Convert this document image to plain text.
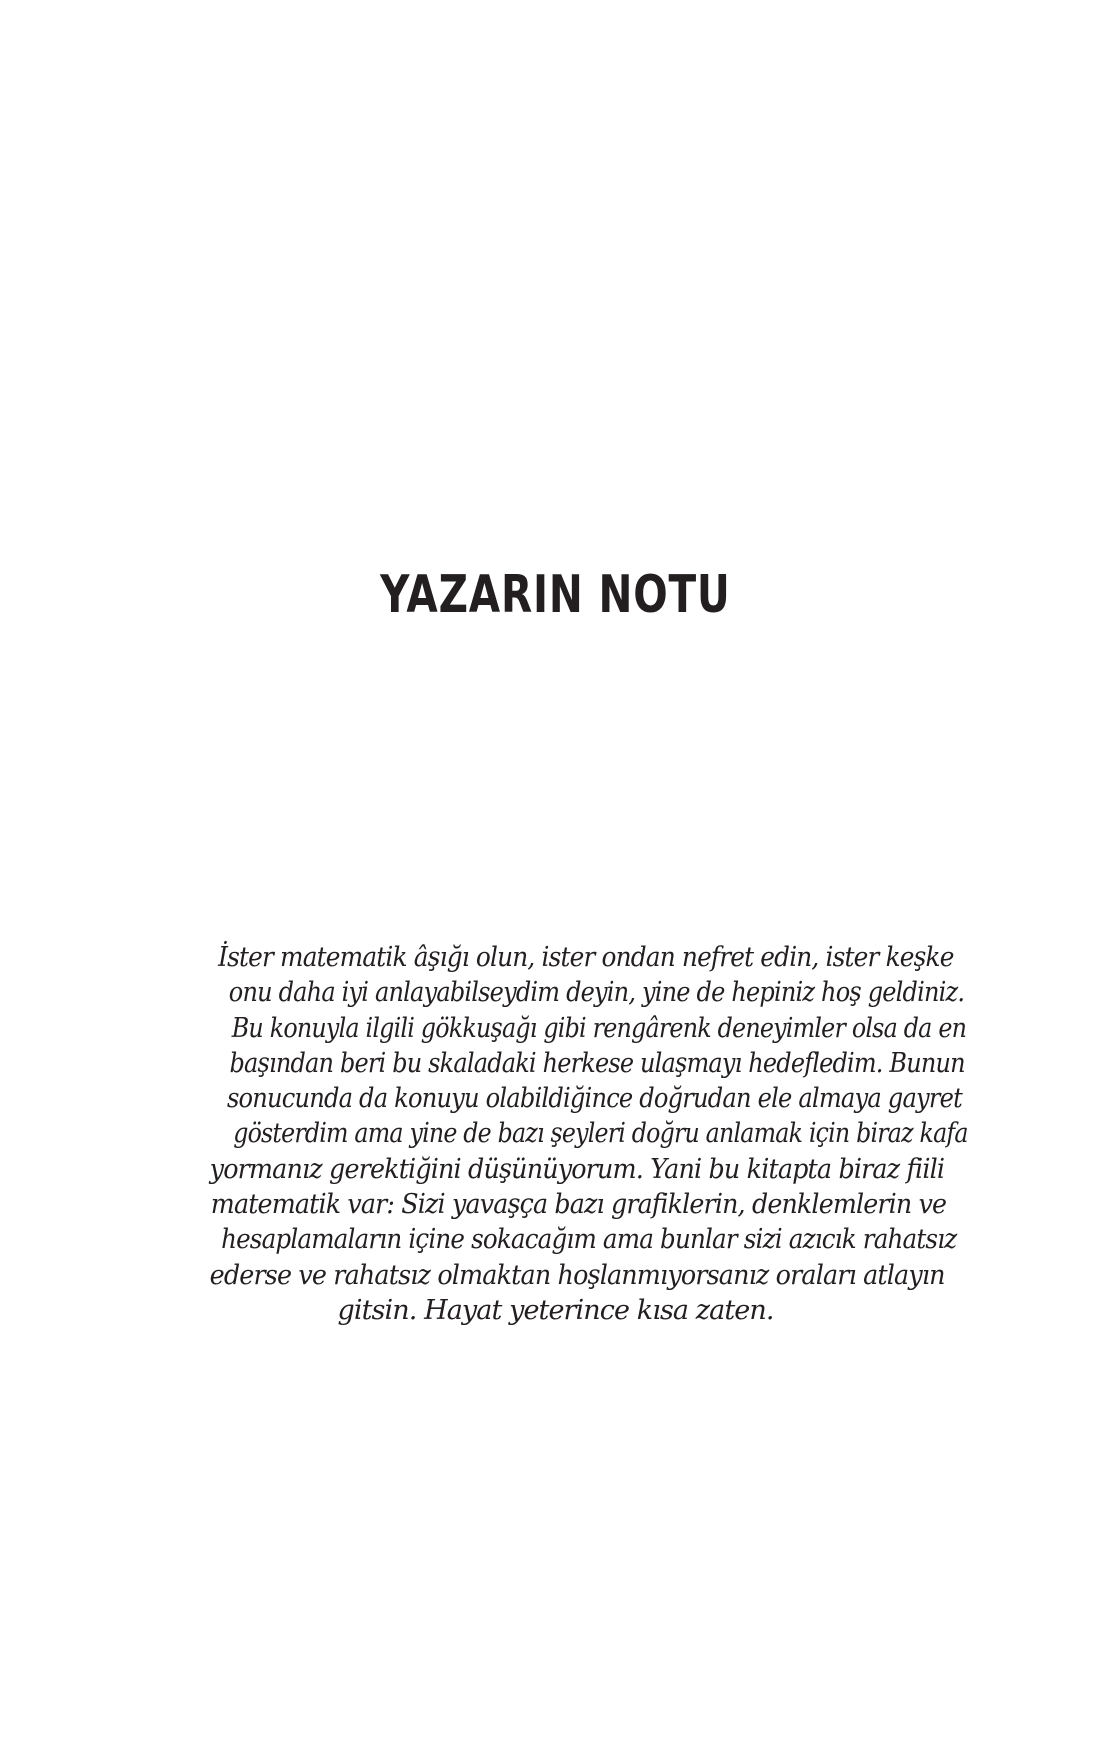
YAZARIN NOTU

İster matematik âşığı olun, ister ondan nefret edin, ister keşke
onu daha iyi anlayabilseydim deyin, yine de hepiniz hoş geldiniz.
Bu konuyla ilgili gökkuşağı gibi rengârenk deneyimler olsa da en
başından beri bu skaladaki herkese ulaşmayı hedefledim. Bunun
sonucunda da konuyu olabildiğince doğrudan ele almaya gayret
gösterdim ama yine de bazı şeyleri doğru anlamak için biraz kafa
yormanız gerektiğini düşünüyorum. Yani bu kitapta biraz fiili
matematik var: Sizi yavaşça bazı grafiklerin, denklemlerin ve
hesaplamaların içine sokacağım ama bunlar sizi azıcık rahatsız
ederse ve rahatsız olmaktan hoşlanmıyorsanız oraları atlayın
gitsin. Hayat yeterince kısa zaten.
